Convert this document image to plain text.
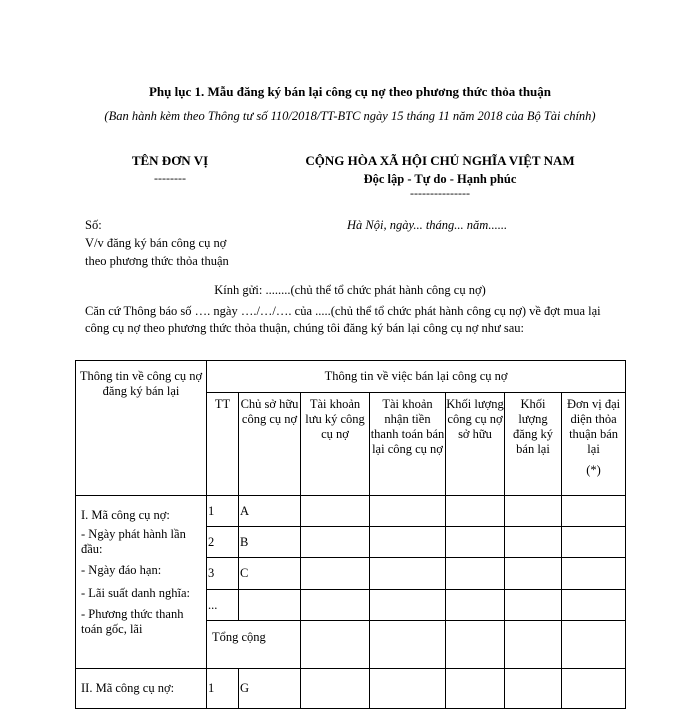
Phụ lục 1. Mẫu đăng ký bán lại công cụ nợ theo phương thức thỏa thuận
(Ban hành kèm theo Thông tư số 110/2018/TT-BTC ngày 15 tháng 11 năm 2018 của Bộ Tài chính)
TÊN ĐƠN VỊ
--------
CỘNG HÒA XÃ HỘI CHỦ NGHĨA VIỆT NAM
Độc lập - Tự do - Hạnh phúc
---------------
Số:
V/v đăng ký bán công cụ nợ
theo phương thức thỏa thuận
Hà Nội, ngày... tháng... năm......
Kính gửi: ........(chủ thể tổ chức phát hành công cụ nợ)
Căn cứ Thông báo số …. ngày …./…/…. của .....(chủ thể tổ chức phát hành công cụ nợ) về đợt mua lại công cụ nợ theo phương thức thỏa thuận, chúng tôi đăng ký bán lại công cụ nợ như sau:
Thông tin về công cụ nợ đăng ký bán lại	Thông tin về việc bán lại công cụ nợ						
	TT	Chủ sở hữu công cụ nợ	Tài khoản lưu ký công cụ nợ	Tài khoản nhận tiền thanh toán bán lại công cụ nợ	Khối lượng công cụ nợ sở hữu	Khối lượng đăng ký bán lại	Đơn vị đại diện thỏa thuận bán lại
(*)

I. Mã công cụ nợ:
- Ngày phát hành lần đầu:
- Ngày đáo hạn:
- Lãi suất danh nghĩa:
- Phương thức thanh toán gốc, lãi	1	A					
	2	B					
	3	C					
	...						
	Tổng cộng						
II. Mã công cụ nợ:	1	G					
